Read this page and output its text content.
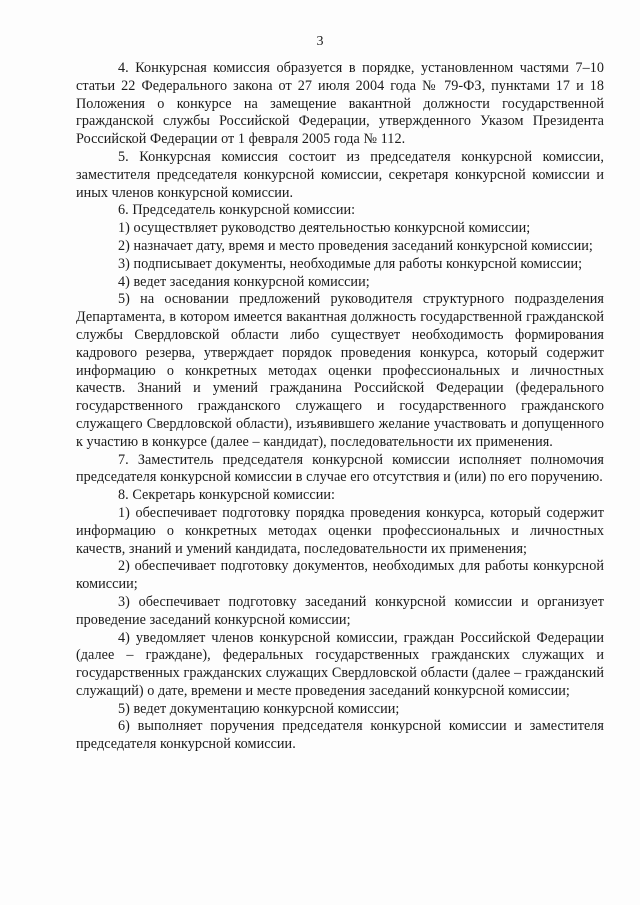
3

4. Конкурсная комиссия образуется в порядке, установленном частями 7–10 статьи 22 Федерального закона от 27 июля 2004 года № 79-ФЗ, пунктами 17 и 18 Положения о конкурсе на замещение вакантной должности государственной гражданской службы Российской Федерации, утвержденного Указом Президента Российской Федерации от 1 февраля 2005 года № 112.

5. Конкурсная комиссия состоит из председателя конкурсной комиссии, заместителя председателя конкурсной комиссии, секретаря конкурсной комиссии и иных членов конкурсной комиссии.

6. Председатель конкурсной комиссии:

1) осуществляет руководство деятельностью конкурсной комиссии;

2) назначает дату, время и место проведения заседаний конкурсной комиссии;

3) подписывает документы, необходимые для работы конкурсной комиссии;

4) ведет заседания конкурсной комиссии;

5) на основании предложений руководителя структурного подразделения Департамента, в котором имеется вакантная должность государственной гражданской службы Свердловской области либо существует необходимость формирования кадрового резерва, утверждает порядок проведения конкурса, который содержит информацию о конкретных методах оценки профессиональных и личностных качеств. Знаний и умений гражданина Российской Федерации (федерального государственного гражданского служащего и государственного гражданского служащего Свердловской области), изъявившего желание участвовать и допущенного к участию в конкурсе (далее – кандидат), последовательности их применения.

7. Заместитель председателя конкурсной комиссии исполняет полномочия председателя конкурсной комиссии в случае его отсутствия и (или) по его поручению.

8. Секретарь конкурсной комиссии:

1) обеспечивает подготовку порядка проведения конкурса, который содержит информацию о конкретных методах оценки профессиональных и личностных качеств, знаний и умений кандидата, последовательности их применения;

2) обеспечивает подготовку документов, необходимых для работы конкурсной комиссии;

3) обеспечивает подготовку заседаний конкурсной комиссии и организует проведение заседаний конкурсной комиссии;

4) уведомляет членов конкурсной комиссии, граждан Российской Федерации (далее – граждане), федеральных государственных гражданских служащих и государственных гражданских служащих Свердловской области (далее – гражданский служащий) о дате, времени и месте проведения заседаний конкурсной комиссии;

5) ведет документацию конкурсной комиссии;

6) выполняет поручения председателя конкурсной комиссии и заместителя председателя конкурсной комиссии.
